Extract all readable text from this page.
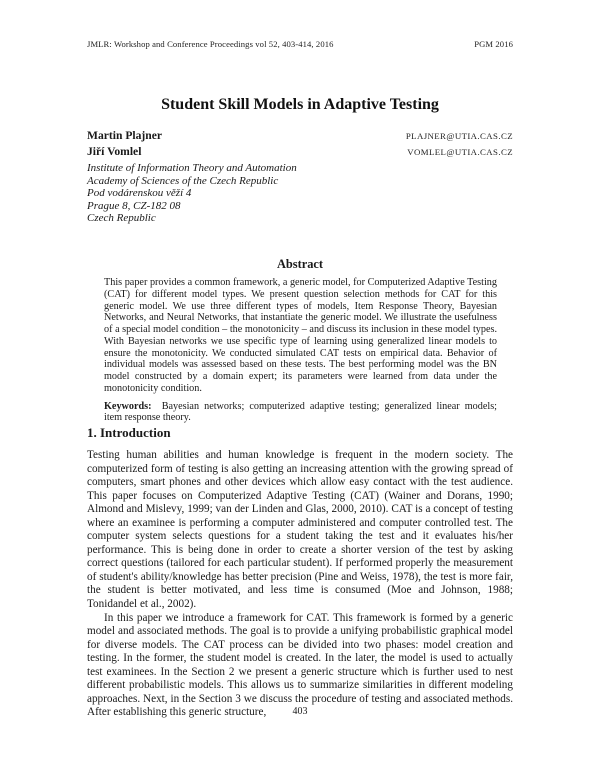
JMLR: Workshop and Conference Proceedings vol 52, 403-414, 2016	PGM 2016
Student Skill Models in Adaptive Testing
Martin Plajner	PLAJNER@UTIA.CAS.CZ
Jiří Vomlel	VOMLEL@UTIA.CAS.CZ
Institute of Information Theory and Automation
Academy of Sciences of the Czech Republic
Pod vodárenskou věží 4
Prague 8, CZ-182 08
Czech Republic
Abstract

This paper provides a common framework, a generic model, for Computerized Adaptive Testing (CAT) for different model types. We present question selection methods for CAT for this generic model. We use three different types of models, Item Response Theory, Bayesian Networks, and Neural Networks, that instantiate the generic model. We illustrate the usefulness of a special model condition – the monotonicity – and discuss its inclusion in these model types. With Bayesian networks we use specific type of learning using generalized linear models to ensure the monotonicity. We conducted simulated CAT tests on empirical data. Behavior of individual models was assessed based on these tests. The best performing model was the BN model constructed by a domain expert; its parameters were learned from data under the monotonicity condition.

Keywords:  Bayesian networks; computerized adaptive testing; generalized linear models; item response theory.

1. Introduction

Testing human abilities and human knowledge is frequent in the modern society. The computerized form of testing is also getting an increasing attention with the growing spread of computers, smart phones and other devices which allow easy contact with the test audience. This paper focuses on Computerized Adaptive Testing (CAT) (Wainer and Dorans, 1990; Almond and Mislevy, 1999; van der Linden and Glas, 2000, 2010). CAT is a concept of testing where an examinee is performing a computer administered and computer controlled test. The computer system selects questions for a student taking the test and it evaluates his/her performance. This is being done in order to create a shorter version of the test by asking correct questions (tailored for each particular student). If performed properly the measurement of student's ability/knowledge has better precision (Pine and Weiss, 1978), the test is more fair, the student is better motivated, and less time is consumed (Moe and Johnson, 1988; Tonidandel et al., 2002).

In this paper we introduce a framework for CAT. This framework is formed by a generic model and associated methods. The goal is to provide a unifying probabilistic graphical model for diverse models. The CAT process can be divided into two phases: model creation and testing. In the former, the student model is created. In the later, the model is used to actually test examinees. In the Section 2 we present a generic structure which is further used to nest different probabilistic models. This allows us to summarize similarities in different modeling approaches. Next, in the Section 3 we discuss the procedure of testing and associated methods. After establishing this generic structure,	403
